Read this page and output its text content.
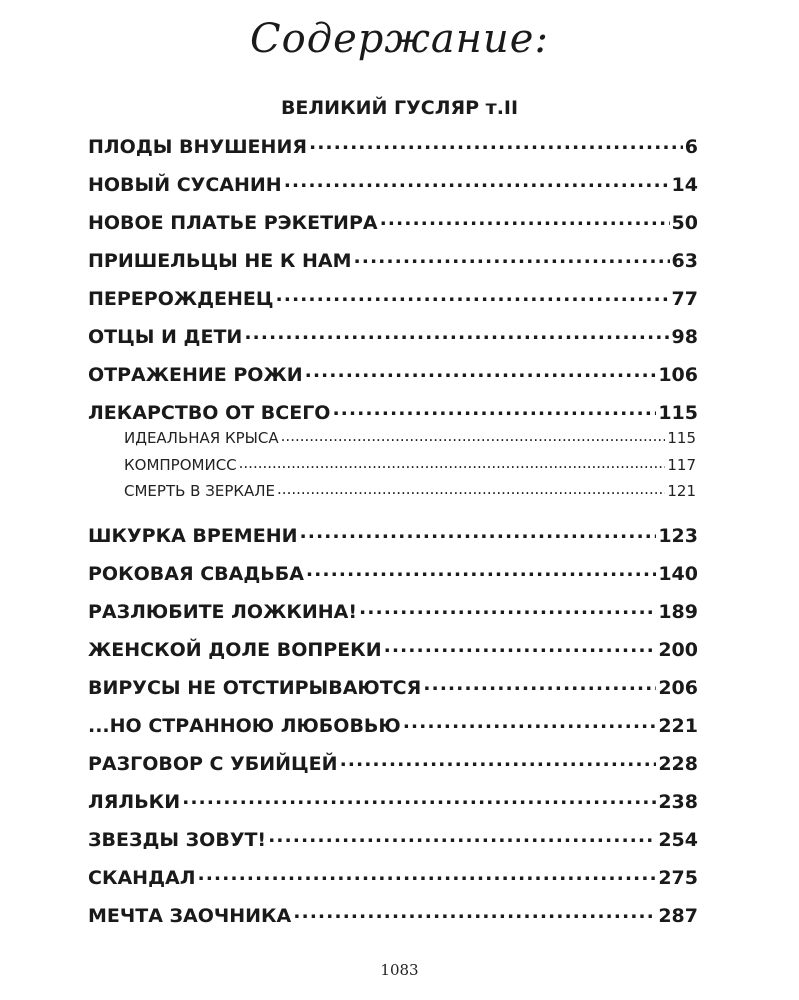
Содержание:
ВЕЛИКИЙ ГУСЛЯР т.II
ПЛОДЫ ВНУШЕНИЯ .....	6
НОВЫЙ СУСАНИН .....	14
НОВОЕ ПЛАТЬЕ РЭКЕТИРА .....	50
ПРИШЕЛЬЦЫ НЕ К НАМ .....	63
ПЕРЕРОЖДЕНЕЦ .....	77
ОТЦЫ И ДЕТИ .....	98
ОТРАЖЕНИЕ РОЖИ .....	106
ЛЕКАРСТВО ОТ ВСЕГО .....	115
ИДЕАЛЬНАЯ КРЫСА .....	115
КОМПРОМИСС .....	117
СМЕРТЬ В ЗЕРКАЛЕ .....	121
ШКУРКА ВРЕМЕНИ .....	123
РОКОВАЯ СВАДЬБА .....	140
РАЗЛЮБИТЕ ЛОЖКИНА! .....	189
ЖЕНСКОЙ ДОЛЕ ВОПРЕКИ .....	200
ВИРУСЫ НЕ ОТСТИРЫВАЮТСЯ .....	206
...НО СТРАННОЮ ЛЮБОВЬЮ .....	221
РАЗГОВОР С УБИЙЦЕЙ .....	228
ЛЯЛЬКИ .....	238
ЗВЕЗДЫ ЗОВУТ! .....	254
СКАНДАЛ .....	275
МЕЧТА ЗАОЧНИКА .....	287
1083
